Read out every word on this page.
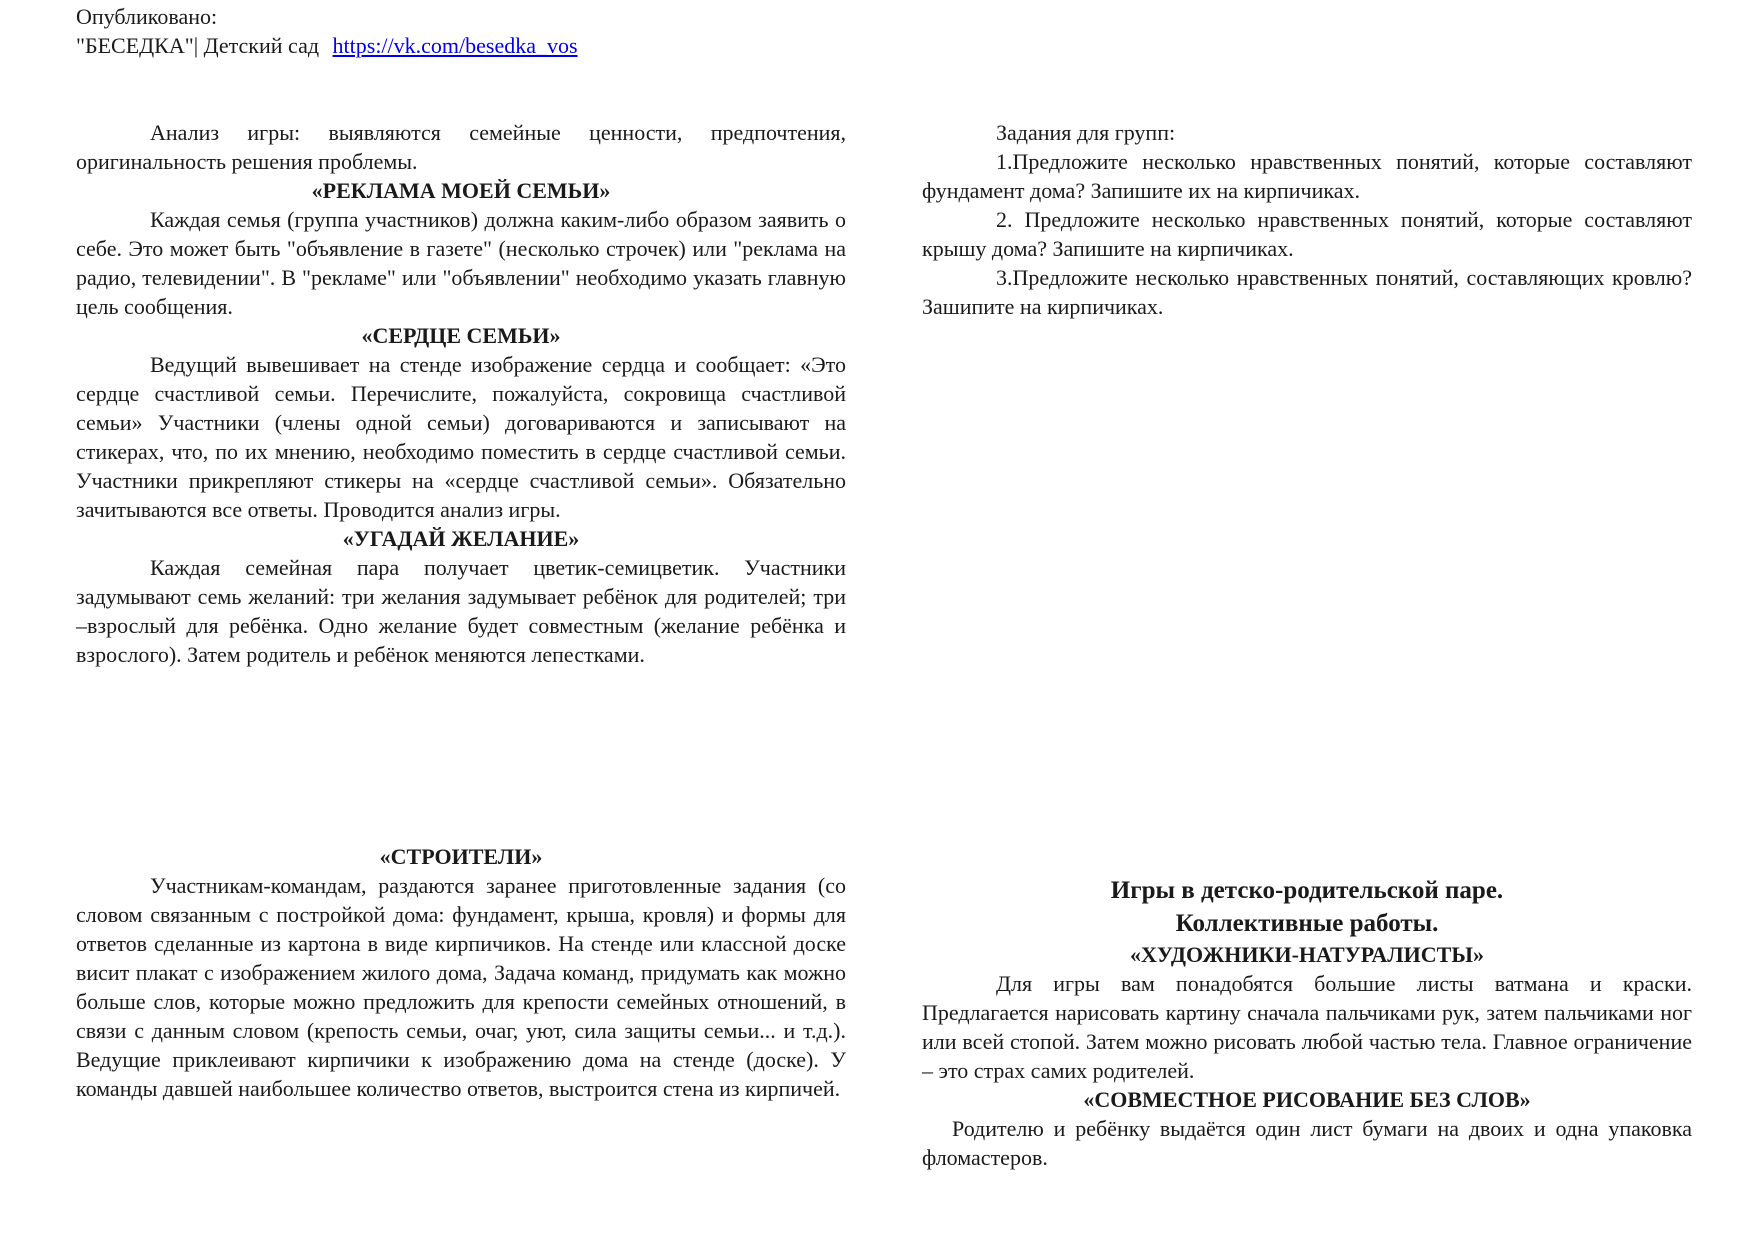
Опубликовано:
"БЕСЕДКА"| Детский сад https://vk.com/besedka_vos

Анализ игры: выявляются семейные ценности, предпочтения, оригинальность решения проблемы.

«РЕКЛАМА МОЕЙ СЕМЬИ»

Каждая семья (группа участников) должна каким-либо образом заявить о себе. Это может быть "объявление в газете" (несколько строчек) или "реклама на радио, телевидении". В "рекламе" или "объявлении" необходимо указать главную цель сообщения.

«СЕРДЦЕ СЕМЬИ»

Ведущий вывешивает на стенде изображение сердца и сообщает: «Это сердце счастливой семьи. Перечислите, пожалуйста, сокровища счастливой семьи» Участники (члены одной семьи) договариваются и записывают на стикерах, что, по их мнению, необходимо поместить в сердце счастливой семьи. Участники прикрепляют стикеры на «сердце счастливой семьи». Обязательно зачитываются все ответы. Проводится анализ игры.

«УГАДАЙ ЖЕЛАНИЕ»

Каждая семейная пара получает цветик-семицветик. Участники задумывают семь желаний: три желания задумывает ребёнок для родителей; три –взрослый для ребёнка. Одно желание будет совместным (желание ребёнка и взрослого). Затем родитель и ребёнок меняются лепестками.

Задания для групп:

1.Предложите несколько нравственных понятий, которые составляют фундамент дома? Запишите их на кирпичиках.

2. Предложите несколько нравственных понятий, которые составляют крышу дома? Запишите на кирпичиках.

3.Предложите несколько нравственных понятий, составляющих кровлю? Зашипите на кирпичиках.

«СТРОИТЕЛИ»

Участникам-командам, раздаются заранее приготовленные задания (со словом связанным с постройкой дома: фундамент, крыша, кровля) и формы для ответов сделанные из картона в виде кирпичиков. На стенде или классной доске висит плакат с изображением жилого дома, Задача команд, придумать как можно больше слов, которые можно предложить для крепости семейных отношений, в связи с данным словом (крепость семьи, очаг, уют, сила защиты семьи... и т.д.). Ведущие приклеивают кирпичики к изображению дома на стенде (доске). У команды давшей наибольшее количество ответов, выстроится стена из кирпичей.

Игры в детско-родительской паре.
Коллективные работы.
«ХУДОЖНИКИ-НАТУРАЛИСТЫ»

Для игры вам понадобятся большие листы ватмана и краски. Предлагается нарисовать картину сначала пальчиками рук, затем пальчиками ног или всей стопой. Затем можно рисовать любой частью тела. Главное ограничение – это страх самих родителей.

«СОВМЕСТНОЕ РИСОВАНИЕ БЕЗ СЛОВ»

Родителю и ребёнку выдаётся один лист бумаги на двоих и одна упаковка фломастеров.
